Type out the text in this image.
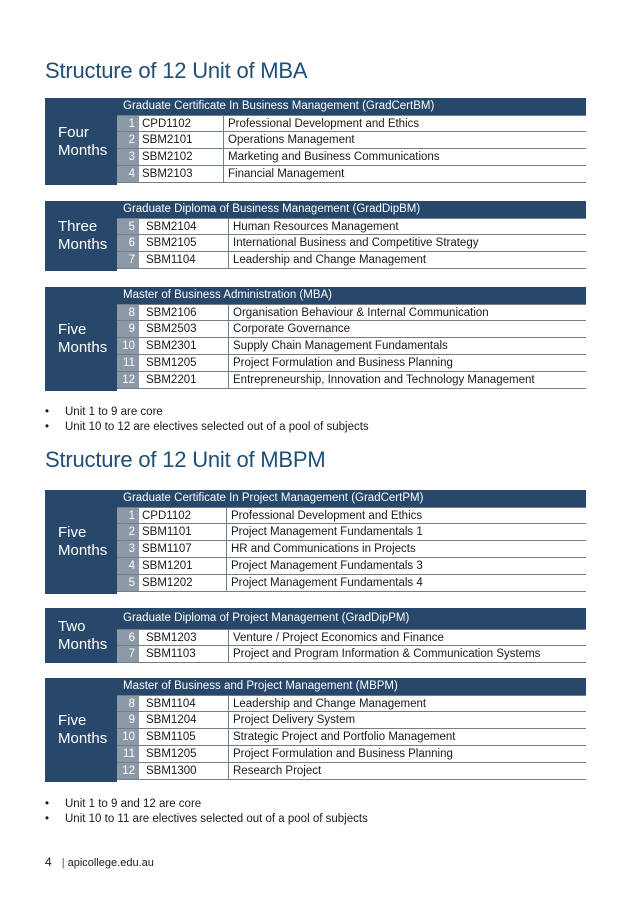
Structure of 12 Unit of MBA
Four
Months
Graduate Certificate In Business Management (GradCertBM)
1 CPD1102	Professional Development and Ethics
2 SBM2101	Operations Management
3 SBM2102	Marketing and Business Communications
4 SBM2103	Financial Management
Three
Months
Graduate Diploma of Business Management (GradDipBM)
5 SBM2104	Human Resources Management
6 SBM2105	International Business and Competitive Strategy
7 SBM1104	Leadership and Change Management
Five
Months
Master of Business Administration (MBA)
8 SBM2106	Organisation Behaviour & Internal Communication
9 SBM2503	Corporate Governance
10 SBM2301	Supply Chain Management Fundamentals
11 SBM1205	Project Formulation and Business Planning
12 SBM2201	Entrepreneurship, Innovation and Technology Management
• Unit 1 to 9 are core
• Unit 10 to 12 are electives selected out of a pool of subjects
Structure of 12 Unit of MBPM
Five
Months
Graduate Certificate In Project Management (GradCertPM)
1 CPD1102	Professional Development and Ethics
2 SBM1101	Project Management Fundamentals 1
3 SBM1107	HR and Communications in Projects
4 SBM1201	Project Management Fundamentals 3
5 SBM1202	Project Management Fundamentals 4
Two
Months
Graduate Diploma of Project Management (GradDipPM)
6 SBM1203	Venture / Project Economics and Finance
7 SBM1103	Project and Program Information & Communication Systems
Five
Months
Master of Business and Project Management (MBPM)
8 SBM1104	Leadership and Change Management
9 SBM1204	Project Delivery System
10 SBM1105	Strategic Project and Portfolio Management
11 SBM1205	Project Formulation and Business Planning
12 SBM1300	Research Project
• Unit 1 to 9 and 12 are core
• Unit 10 to 11 are electives selected out of a pool of subjects
4 | apicollege.edu.au
